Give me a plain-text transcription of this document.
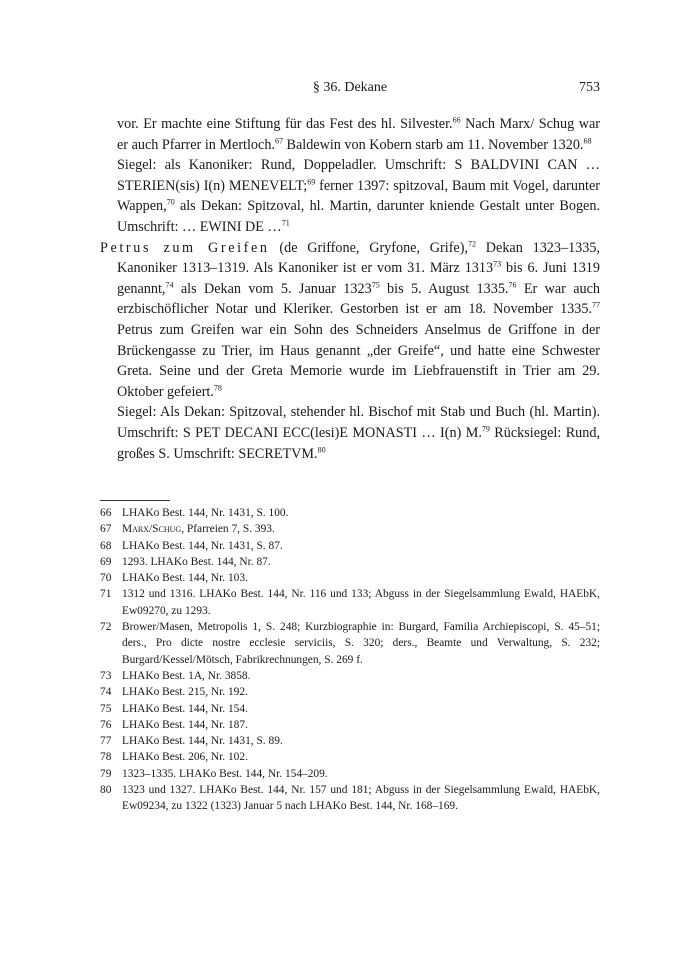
§ 36. Dekane	753

vor. Er machte eine Stiftung für das Fest des hl. Silvester.$^{66}$ Nach Marx/ Schug war er auch Pfarrer in Mertloch.$^{67}$ Baldewin von Kobern starb am 11. November 1320.68

Siegel: als Kanoniker: Rund, Doppeladler. Umschrift: S BALDVINI CAN … STERIEN(sis) I(n) MENEVELT;$^{69}$ ferner 1397: spitzoval, Baum mit Vogel, darunter Wappen,$^{70}$ als Dekan: Spitzoval, hl. Martin, darunter kniende Gestalt unter Bogen. Umschrift: … EWINI DE …$^{71}$

Petrus zum Greifen (de Griffone, Gryfone, Grife),$^{72}$ Dekan 1323–1335, Kanoniker 1313–1319. Als Kanoniker ist er vom 31. März 1313$^{73}$ bis 6. Juni 1319 genannt,$^{74}$ als Dekan vom 5. Januar 1323$^{75}$ bis 5. August 1335.76 Er war auch erzbischöflicher Notar und Kleriker. Gestorben ist er am 18. November 1335.77 Petrus zum Greifen war ein Sohn des Schneiders Anselmus de Griffone in der Brückengasse zu Trier, im Haus genannt „der Greife“, und hatte eine Schwester Greta. Seine und der Greta Memorie wurde im Liebfrauenstift in Trier am 29. Oktober gefeiert.$^{78}$

Siegel: Als Dekan: Spitzoval, stehender hl. Bischof mit Stab und Buch (hl. Martin). Umschrift: S PET DECANI ECC(lesi)E MONASTI … I(n) M.$^{79}$ Rücksiegel: Rund, großes S. Umschrift: SECRETVM.$^{80}$

66 LHAKo Best. 144, Nr. 1431, S. 100.
67 Marx/Schug, Pfarreien 7, S. 393.
68 LHAKo Best. 144, Nr. 1431, S. 87.
69 1293. LHAKo Best. 144, Nr. 87.
70 LHAKo Best. 144, Nr. 103.
71 1312 und 1316. LHAKo Best. 144, Nr. 116 und 133; Abguss in der Siegelsammlung Ewald, HAEbK, Ew09270, zu 1293.
72 Brower/Masen, Metropolis 1, S. 248; Kurzbiographie in: Burgard, Familia Archiepiscopi, S. 45–51; ders., Pro dicte nostre ecclesie serviciis, S. 320; ders., Beamte und Verwaltung, S. 232; Burgard/Kessel/Mötsch, Fabrikrechnungen, S. 269 f.
73 LHAKo Best. 1A, Nr. 3858.
74 LHAKo Best. 215, Nr. 192.
75 LHAKo Best. 144, Nr. 154.
76 LHAKo Best. 144, Nr. 187.
77 LHAKo Best. 144, Nr. 1431, S. 89.
78 LHAKo Best. 206, Nr. 102.
79 1323–1335. LHAKo Best. 144, Nr. 154–209.
80 1323 und 1327. LHAKo Best. 144, Nr. 157 und 181; Abguss in der Siegelsammlung Ewald, HAEbK, Ew09234, zu 1322 (1323) Januar 5 nach LHAKo Best. 144, Nr. 168–169.
